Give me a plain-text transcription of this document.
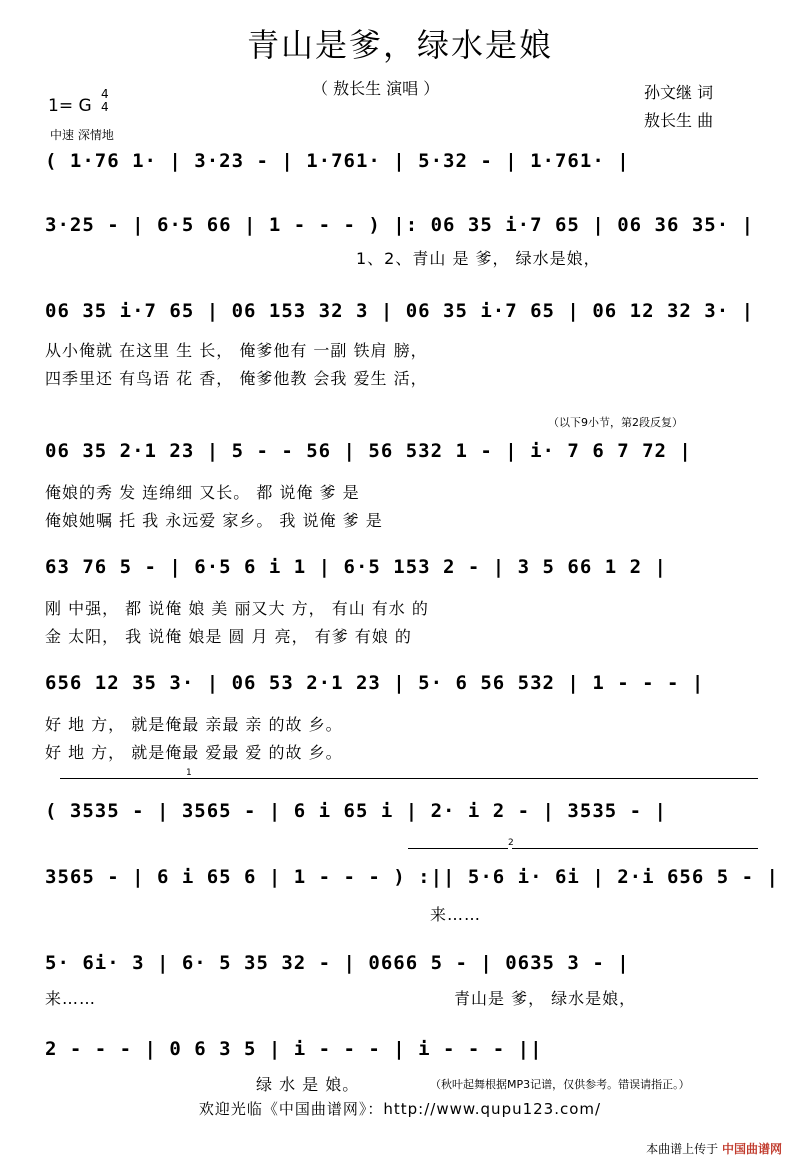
青山是爹，绿水是娘
（ 敖长生 演唱 ）	孙文继 词
敖长生 曲
1= G
4
4
中速 深情地
( 1·76 1· | 3·23 - | 1·761· | 5·32 - | 1·761· |
3·25 - | 6·5 66 | 1 - - - ) |: 06 35 i·7 65 | 06 36 35· |
1、2、青山 是 爹， 绿水是娘，
06 35 i·7 65 | 06 153 32 3 | 06 35 i·7 65 | 06 12 32 3· |
从小俺就 在这里 生 长， 俺爹他有 一副 铁肩 膀，
四季里还 有鸟语 花 香， 俺爹他教 会我 爱生 活，
（以下9小节，第2段反复）
06 35 2·1 23 | 5 - - 56 | 56 532 1 - | i· 7 6 7 72 |
俺娘的秀 发 连绵细 又长。 都 说俺 爹 是
俺娘她嘱 托 我 永远爱 家乡。 我 说俺 爹 是
63 76 5 - | 6·5 6 i 1 | 6·5 153 2 - | 3 5 66 1 2 |
刚 中强， 都 说俺 娘 美 丽又大 方， 有山 有水 的
金 太阳， 我 说俺 娘是 圆 月 亮， 有爹 有娘 的
656 12 35 3· | 06 53 2·1 23 | 5· 6 56 532 | 1 - - - |
好 地 方， 就是俺最 亲最 亲 的故 乡。
好 地 方， 就是俺最 爱最 爱 的故 乡。
1
( 3535 - | 3565 - | 6 i 65 i | 2· i 2 - | 3535 - |
2
3565 - | 6 i 65 6 | 1 - - - ) :|| 5·6 i· 6i | 2·i 656 5 - |
来……
5· 6i· 3 | 6· 5 35 32 - | 0666 5 - | 0635 3 - |
来……	青山是 爹， 绿水是娘，
2 - - - | 0 6 3 5 | i - - - | i - - - ||
绿 水 是 娘。	（秋叶起舞根据MP3记谱，仅供参考。错误请指正。）
欢迎光临《中国曲谱网》：http://www.qupu123.com/
本曲谱上传于 中国曲谱网
